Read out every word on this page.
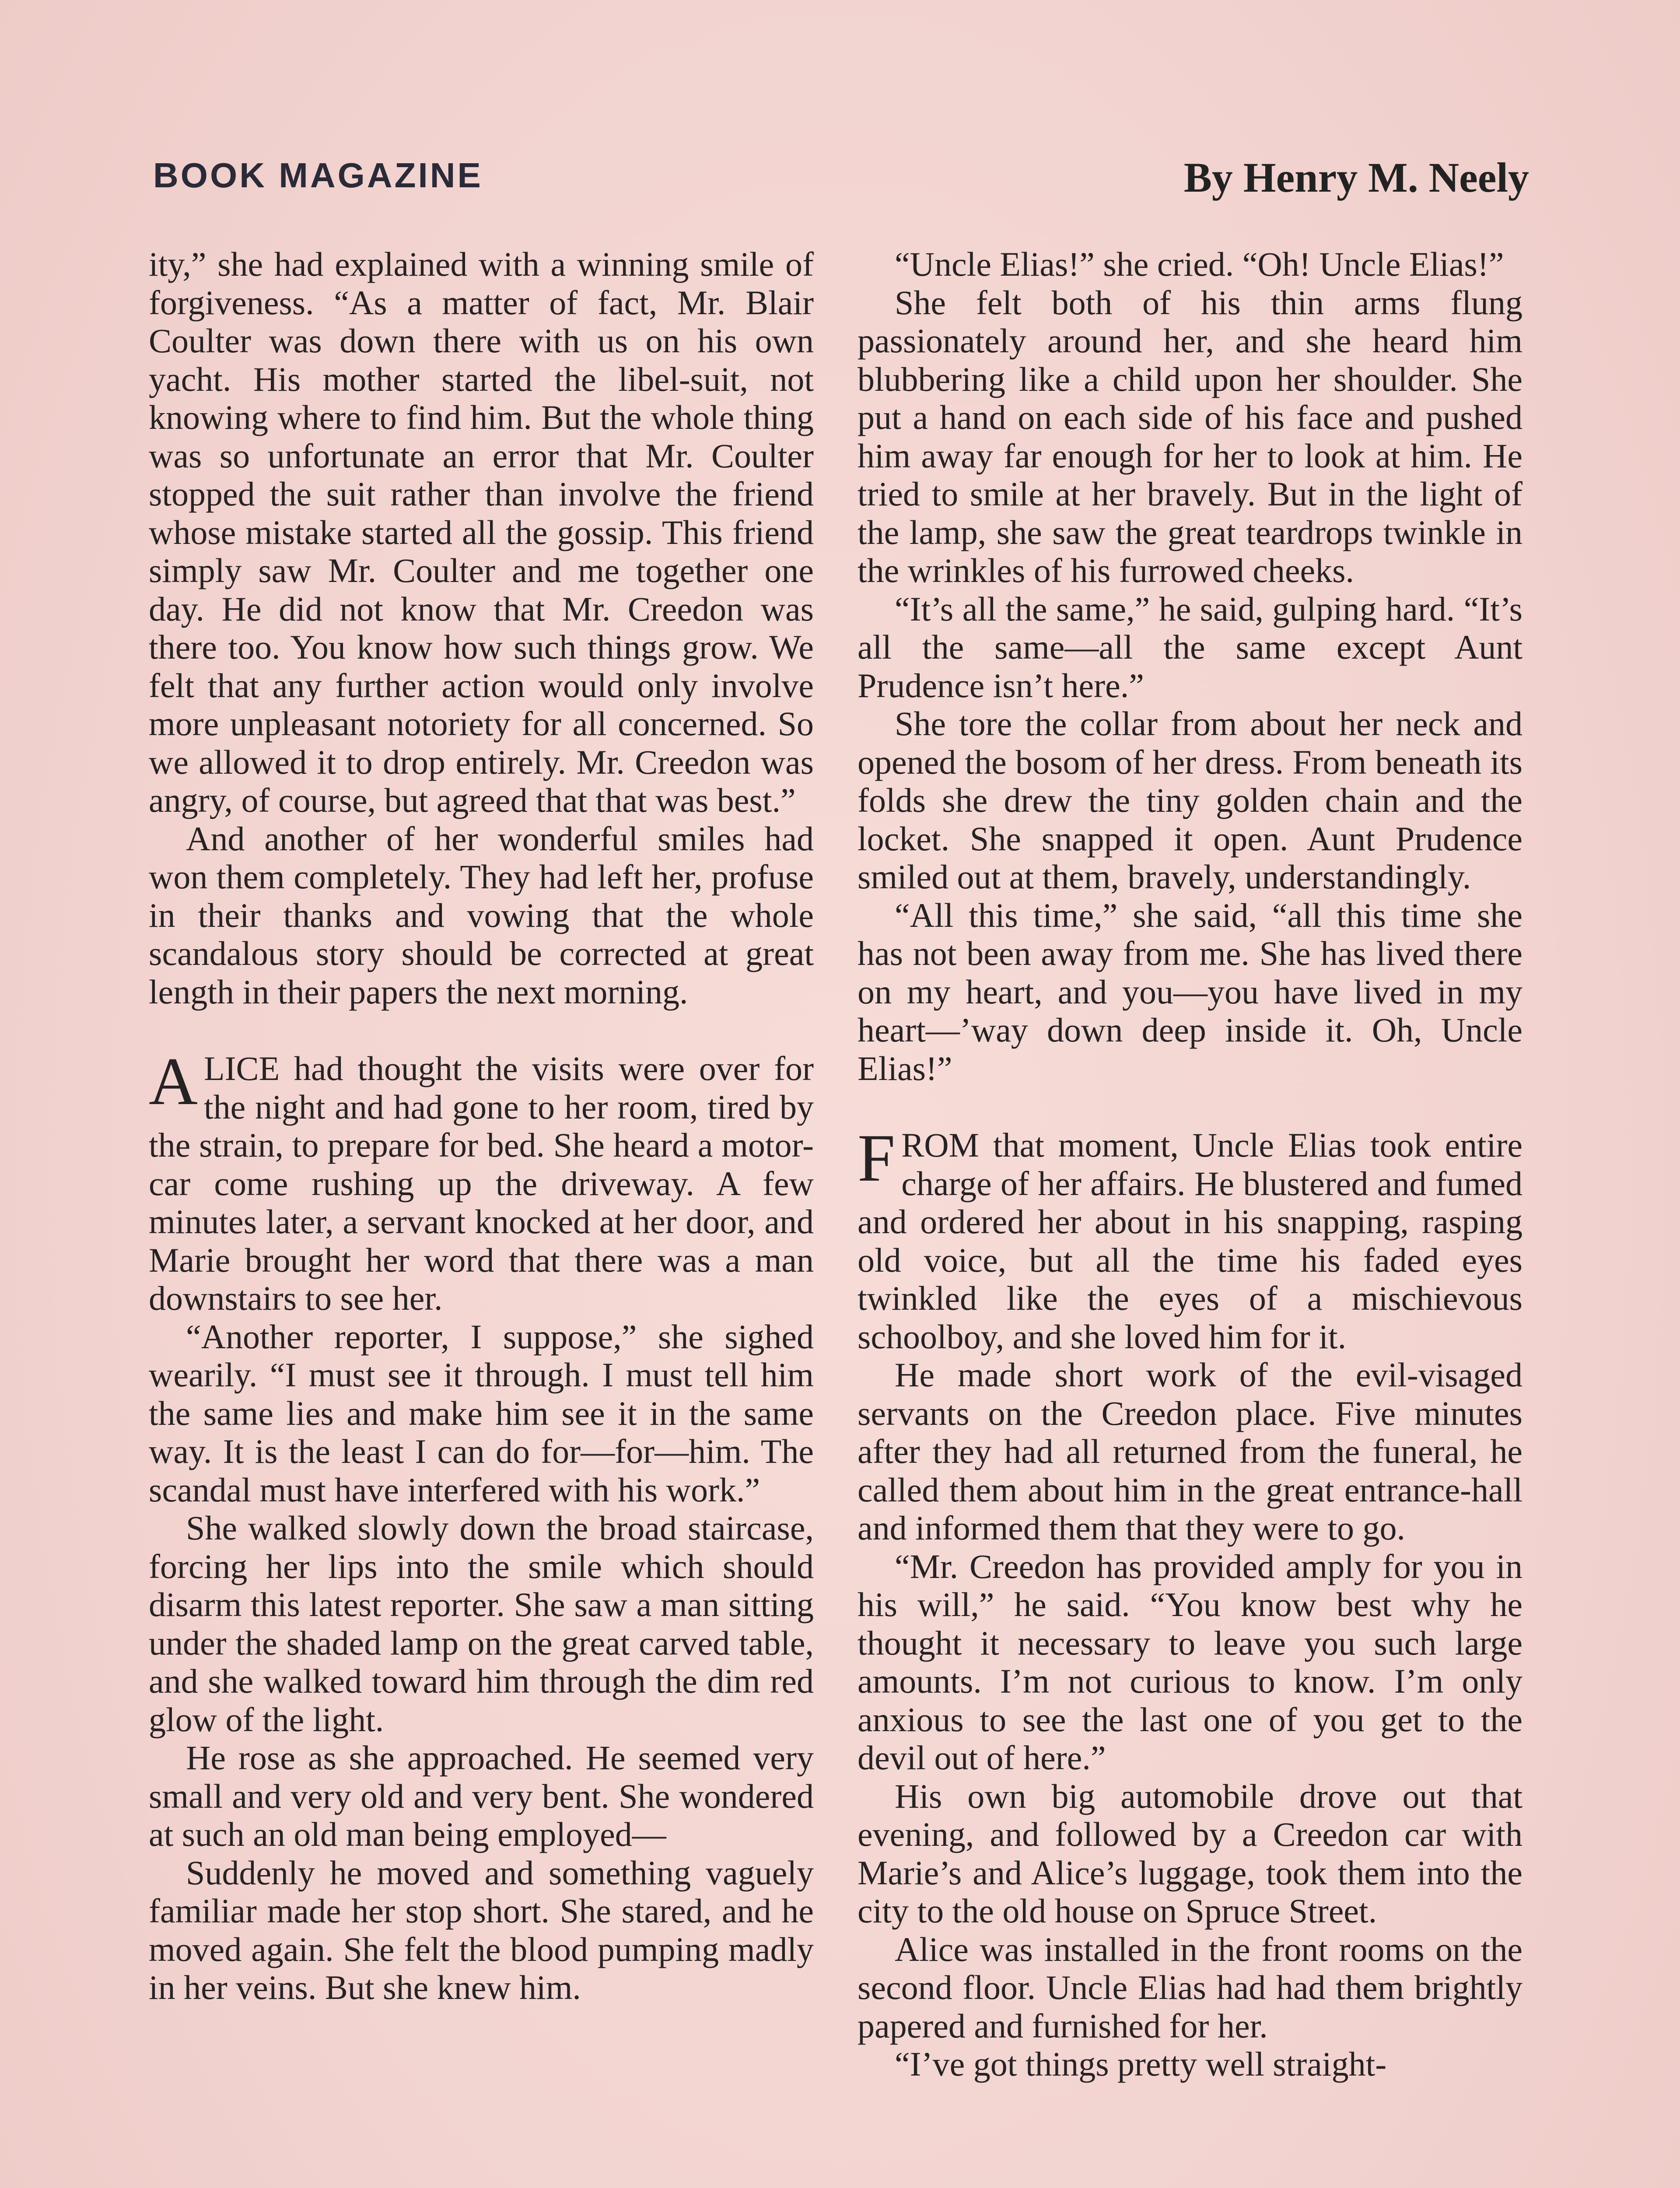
BOOK MAGAZINE	By Henry M. Neely

ity,” she had explained with a winning smile of forgiveness. “As a matter of fact, Mr. Blair Coulter was down there with us on his own yacht. His mother started the libel-suit, not knowing where to find him. But the whole thing was so unfortunate an error that Mr. Coulter stopped the suit rather than involve the friend whose mistake started all the gossip. This friend simply saw Mr. Coulter and me together one day. He did not know that Mr. Creedon was there too. You know how such things grow. We felt that any further action would only involve more unpleasant notoriety for all concerned. So we allowed it to drop entirely. Mr. Creedon was angry, of course, but agreed that that was best.”

And another of her wonderful smiles had won them completely. They had left her, profuse in their thanks and vowing that the whole scandalous story should be corrected at great length in their papers the next morning.

ALICE had thought the visits were over for the night and had gone to her room, tired by the strain, to prepare for bed. She heard a motor-car come rushing up the driveway. A few minutes later, a servant knocked at her door, and Marie brought her word that there was a man downstairs to see her.

“Another reporter, I suppose,” she sighed wearily. “I must see it through. I must tell him the same lies and make him see it in the same way. It is the least I can do for—for—him. The scandal must have interfered with his work.”

She walked slowly down the broad staircase, forcing her lips into the smile which should disarm this latest reporter. She saw a man sitting under the shaded lamp on the great carved table, and she walked toward him through the dim red glow of the light.

He rose as she approached. He seemed very small and very old and very bent. She wondered at such an old man being employed—

Suddenly he moved and something vaguely familiar made her stop short. She stared, and he moved again. She felt the blood pumping madly in her veins. But she knew him.

“Uncle Elias!” she cried. “Oh! Uncle Elias!”

She felt both of his thin arms flung passionately around her, and she heard him blubbering like a child upon her shoulder. She put a hand on each side of his face and pushed him away far enough for her to look at him. He tried to smile at her bravely. But in the light of the lamp, she saw the great teardrops twinkle in the wrinkles of his furrowed cheeks.

“It’s all the same,” he said, gulping hard. “It’s all the same—all the same except Aunt Prudence isn’t here.”

She tore the collar from about her neck and opened the bosom of her dress. From beneath its folds she drew the tiny golden chain and the locket. She snapped it open. Aunt Prudence smiled out at them, bravely, understandingly.

“All this time,” she said, “all this time she has not been away from me. She has lived there on my heart, and you—you have lived in my heart—’way down deep inside it. Oh, Uncle Elias!”

FROM that moment, Uncle Elias took entire charge of her affairs. He blustered and fumed and ordered her about in his snapping, rasping old voice, but all the time his faded eyes twinkled like the eyes of a mischievous schoolboy, and she loved him for it.

He made short work of the evil-visaged servants on the Creedon place. Five minutes after they had all returned from the funeral, he called them about him in the great entrance-hall and informed them that they were to go.

“Mr. Creedon has provided amply for you in his will,” he said. “You know best why he thought it necessary to leave you such large amounts. I’m not curious to know. I’m only anxious to see the last one of you get to the devil out of here.”

His own big automobile drove out that evening, and followed by a Creedon car with Marie’s and Alice’s luggage, took them into the city to the old house on Spruce Street.

Alice was installed in the front rooms on the second floor. Uncle Elias had had them brightly papered and furnished for her.

“I’ve got things pretty well straight-
